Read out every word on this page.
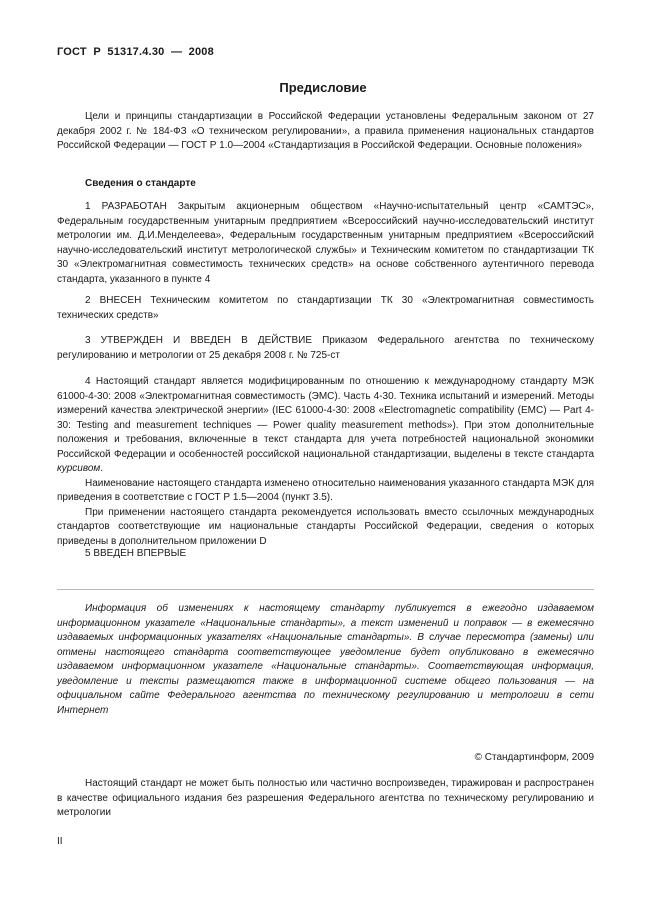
ГОСТ  Р  51317.4.30  —  2008
Предисловие
Цели и принципы стандартизации в Российской Федерации установлены Федеральным законом от 27 декабря 2002 г. № 184-ФЗ «О техническом регулировании», а правила применения национальных стандартов Российской Федерации — ГОСТ Р 1.0—2004 «Стандартизация в Российской Федерации. Основные положения»
Сведения о стандарте
1 РАЗРАБОТАН Закрытым акционерным обществом «Научно-испытательный центр «САМТЭС», Федеральным государственным унитарным предприятием «Всероссийский научно-исследовательский институт метрологии им. Д.И.Менделеева», Федеральным государственным унитарным предприятием «Всероссийский научно-исследовательский институт метрологической службы» и Техническим комитетом по стандартизации ТК 30 «Электромагнитная совместимость технических средств» на основе собственного аутентичного перевода стандарта, указанного в пункте 4
2 ВНЕСЕН Техническим комитетом по стандартизации ТК 30 «Электромагнитная совместимость технических средств»
3 УТВЕРЖДЕН И ВВЕДЕН В ДЕЙСТВИЕ Приказом Федерального агентства по техническому регулированию и метрологии от 25 декабря 2008 г. № 725-ст

4 Настоящий стандарт является модифицированным по отношению к международному стандарту МЭК 61000-4-30: 2008 «Электромагнитная совместимость (ЭМС). Часть 4-30. Техника испытаний и измерений. Методы измерений качества электрической энергии» (IEC 61000-4-30: 2008 «Electromagnetic compatibility (EMC) — Part 4-30: Testing and measurement techniques — Power quality measurement methods»). При этом дополнительные положения и требования, включенные в текст стандарта для учета потребностей национальной экономики Российской Федерации и особенностей российской национальной стандартизации, выделены в тексте стандарта курсивом.

Наименование настоящего стандарта изменено относительно наименования указанного стандарта МЭК для приведения в соответствие с ГОСТ Р 1.5—2004 (пункт 3.5).

При применении настоящего стандарта рекомендуется использовать вместо ссылочных международных стандартов соответствующие им национальные стандарты Российской Федерации, сведения о которых приведены в дополнительном приложении D

5 ВВЕДЕН ВПЕРВЫЕ
Информация об изменениях к настоящему стандарту публикуется в ежегодно издаваемом информационном указателе «Национальные стандарты», а текст изменений и поправок — в ежемесячно издаваемых информационных указателях «Национальные стандарты». В случае пересмотра (замены) или отмены настоящего стандарта соответствующее уведомление будет опубликовано в ежемесячно издаваемом информационном указателе «Национальные стандарты». Соответствующая информация, уведомление и тексты размещаются также в информационной системе общего пользования — на официальном сайте Федерального агентства по техническому регулированию и метрологии в сети Интернет
© Стандартинформ, 2009
Настоящий стандарт не может быть полностью или частично воспроизведен, тиражирован и распространен в качестве официального издания без разрешения Федерального агентства по техническому регулированию и метрологии
II
